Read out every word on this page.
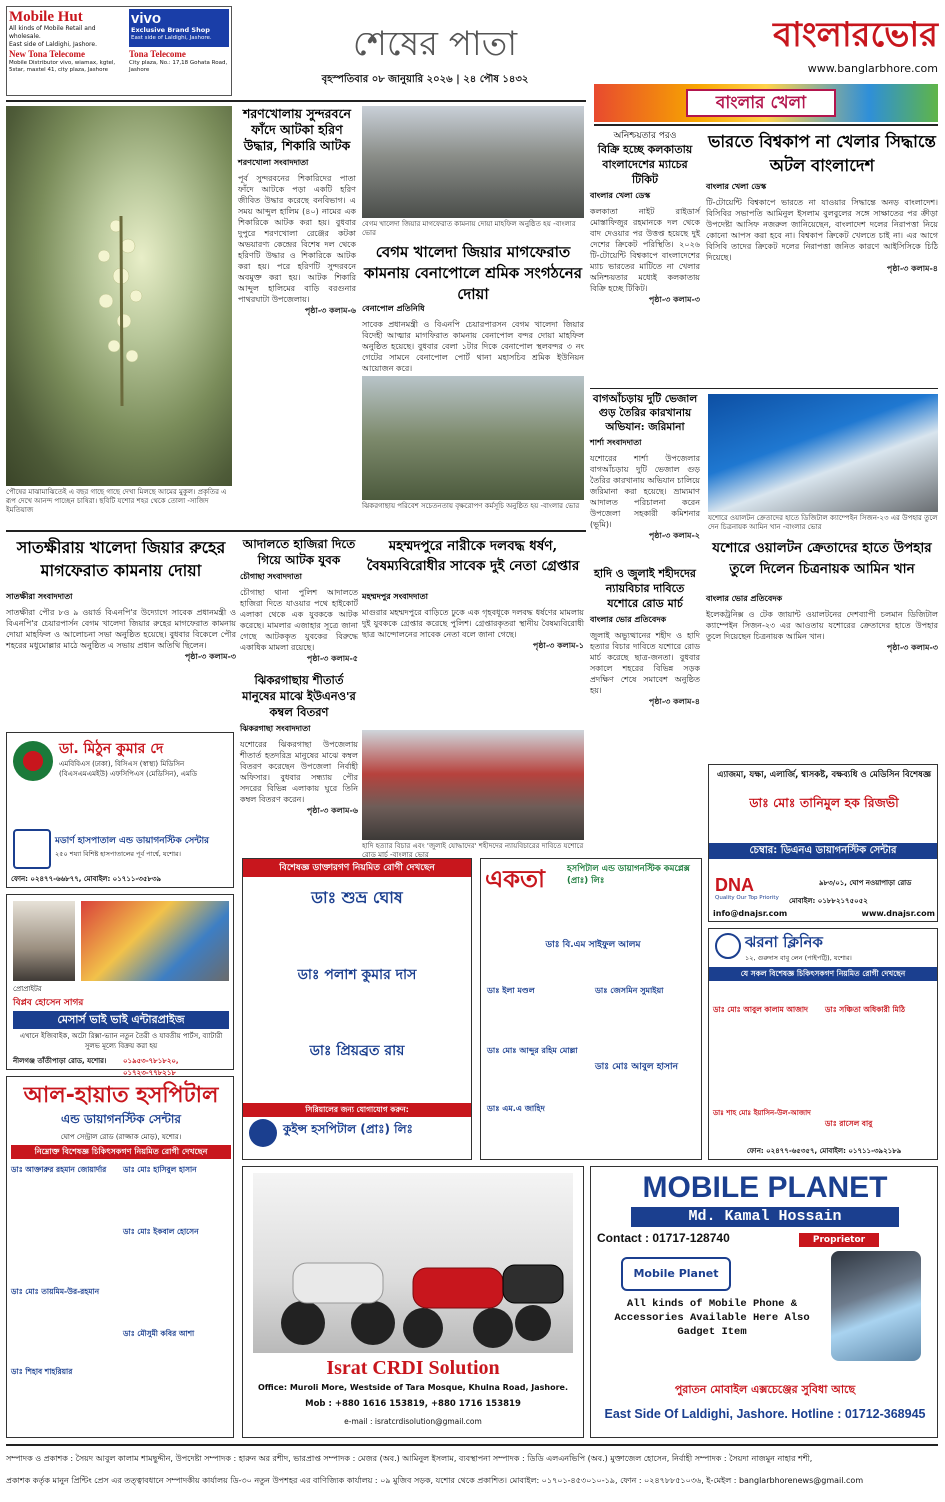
Mobile Hut
All kinds of Mobile Retail and wholesale.
East side of Laldighi, Jashore.
vivo
Exclusive Brand Shop
East side of Laldighi, Jashore.
New Tona Telecome
Mobile Distributor vivo, wiamax, kgtel, 5star, maxtel 41, city plaza, Jashore
Tona Telecome
City plaza, No.: 17,18 Gohata Road, Jashore
শেষের পাতা
বৃহস্পতিবার ০৮ জানুয়ারি ২০২৬ | ২৪ পৌষ ১৪৩২
বাংলারভোর
www.banglarbhore.com
বাংলার খেলা
পৌষের মাঝামাঝিতেই এ বছর গাছে গাছে দেখা মিলছে আমের মুকুল। প্রকৃতির এ রূপ দেখে আনন্দ পাচ্ছেন চাষিরা। ছবিটি যশোর শহর থেকে তোলা -সাজিদ ইমতিয়াজ
শরণখোলায় সুন্দরবনে ফাঁদে আটকা হরিণ উদ্ধার, শিকারি আটক
শরণখোলা সংবাদদাতা
পূর্ব সুন্দরবনের শিকারিদের পাতা ফাঁদে আটকে পড়া একটি হরিণ জীবিত উদ্ধার করেছে বনবিভাগ। এ সময় আব্দুল হালিম (৪০) নামের এক শিকারিকে আটক করা হয়। বুধবার দুপুরে শরণখোলা রেঞ্জের কটকা অভয়ারণ্য কেন্দ্রের বিশেষ দল থেকে হরিণটি উদ্ধার ও শিকারিকে আটক করা হয়। পরে হরিণটি সুন্দরবনে অবমুক্ত করা হয়। আটক শিকারি আব্দুল হালিমের বাড়ি বরগুনার পাথরঘাটা উপজেলায়।
পৃষ্ঠা-৩ কলাম-৬
বেগম খালেদা জিয়ার মাগফেরাত কামনায় দোয়া মাহফিল অনুষ্ঠিত হয় -বাংলার ভোর
বেগম খালেদা জিয়ার মাগফেরাত কামনায় বেনাপোলে শ্রমিক সংগঠনের দোয়া
বেনাপোল প্রতিনিধি
সাবেক প্রধানমন্ত্রী ও বিএনপি চেয়ারপারসন বেগম খালেদা জিয়ার বিদেহী আত্মার মাগফিরাত কামনায় বেনাপোল বন্দর দোয়া মাহফিল অনুষ্ঠিত হয়েছে। বুধবার বেলা ১টার দিকে বেনাপোল স্থলবন্দর ৩ নং গেটের সামনে বেনাপোল পোর্ট থানা মহাসচিব শ্রমিক ইউনিয়ন আয়োজন করে।
অনিশ্চয়তার পরও
বিক্রি হচ্ছে কলকাতায় বাংলাদেশের ম্যাচের টিকিট
বাংলার খেলা ডেস্ক
কলকাতা নাইট রাইডার্স মোস্তাফিজুর রহমানকে দল থেকে বাদ দেওয়ার পর উত্তপ্ত হয়েছে দুই দেশের ক্রিকেট পরিস্থিতি। ২০২৬ টি-টোয়েন্টি বিশ্বকাপে বাংলাদেশের ম্যাচ ভারতের মাটিতে না খেলার অনিশ্চয়তার মধ্যেই কলকাতায় বিক্রি হচ্ছে টিকিট।
পৃষ্ঠা-৩ কলাম-৩
ভারতে বিশ্বকাপ না খেলার সিদ্ধান্তে অটল বাংলাদেশ
বাংলার খেলা ডেস্ক
টি-টোয়েন্টি বিশ্বকাপে ভারতে না যাওয়ার সিদ্ধান্তে অনড় বাংলাদেশ। বিসিবির সভাপতি আমিনুল ইসলাম বুলবুলের সঙ্গে সাক্ষাতের পর ক্রীড়া উপদেষ্টা আসিফ নজরুল জানিয়েছেন, বাংলাদেশ দলের নিরাপত্তা নিয়ে কোনো আপস করা হবে না। বিশ্বকাপ ক্রিকেট খেলতে চাই না। এর আগে বিসিবি তাদের ক্রিকেট দলের নিরাপত্তা জনিত কারণে আইসিসিকে চিঠি দিয়েছে।
পৃষ্ঠা-৩ কলাম-৪
ঝিকরগাছায় পরিবেশ সচেতনতায় বৃক্ষরোপণ কর্মসূচি অনুষ্ঠিত হয় -বাংলার ভোর
বাগআঁচড়ায় দুটি ভেজাল গুড় তৈরির কারখানায় অভিযান: জরিমানা
শার্শা সংবাদদাতা
যশোরের শার্শা উপজেলার বাগআঁচড়ায় দুটি ভেজাল গুড় তৈরির কারখানায় অভিযান চালিয়ে জরিমানা করা হয়েছে। ভ্রাম্যমাণ আদালত পরিচালনা করেন উপজেলা সহকারী কমিশনার (ভূমি)।
পৃষ্ঠা-৩ কলাম-২
যশোরে ওয়ালটন ক্রেতাদের হাতে ডিজিটাল ক্যাম্পেইন সিজন-২৩ এর উপহার তুলে দেন চিত্রনায়ক আমিন খান -বাংলার ভোর
সাতক্ষীরায় খালেদা জিয়ার রুহের মাগফেরাত কামনায় দোয়া
সাতক্ষীরা সংবাদদাতা
সাতক্ষীরা পৌর ৮ও ৯ ওয়ার্ড বিএনপি'র উদ্যোগে সাবেক প্রধানমন্ত্রী ও বিএনপি'র চেয়ারপার্সন বেগম খালেদা জিয়ার রুহের মাগফেরাত কামনায় দোয়া মাহফিল ও আলোচনা সভা অনুষ্ঠিত হয়েছে। বুধবার বিকেলে পৌর শহরের মধুমোল্লার মাঠে অনুষ্ঠিত এ সভায় প্রধান অতিথি ছিলেন।
পৃষ্ঠা-৩ কলাম-৩
আদালতে হাজিরা দিতে গিয়ে আটক যুবক
চৌগাছা সংবাদদাতা
চৌগাছা থানা পুলিশ আদালতে হাজিরা দিতে যাওয়ার পথে হাইকোর্ট এলাকা থেকে এক যুবককে আটক করেছে। মামলার এজাহার সূত্রে জানা গেছে আটককৃত যুবকের বিরুদ্ধে একাধিক মামলা রয়েছে।
পৃষ্ঠা-৩ কলাম-৫
মহম্মদপুরে নারীকে দলবদ্ধ ধর্ষণ, বৈষম্যবিরোধীর সাবেক দুই নেতা গ্রেপ্তার
মহম্মদপুর সংবাদদাতা
মাগুরার মহম্মদপুরে বাড়িতে ঢুকে এক গৃহবধূকে দলবদ্ধ ধর্ষণের মামলায় দুই যুবককে গ্রেপ্তার করেছে পুলিশ। গ্রেপ্তারকৃতরা স্থানীয় বৈষম্যবিরোধী ছাত্র আন্দোলনের সাবেক নেতা বলে জানা গেছে।
পৃষ্ঠা-৩ কলাম-১
হাদি ও জুলাই শহীদদের ন্যায়বিচার দাবিতে যশোরে রোড মার্চ
বাংলার ভোর প্রতিবেদক
জুলাই অভ্যুত্থানের শহীদ ও হাদি হত্যার বিচার দাবিতে যশোরে রোড মার্চ করেছে ছাত্র-জনতা। বুধবার সকালে শহরের বিভিন্ন সড়ক প্রদক্ষিণ শেষে সমাবেশ অনুষ্ঠিত হয়।
পৃষ্ঠা-৩ কলাম-৪
যশোরে ওয়ালটন ক্রেতাদের হাতে উপহার তুলে দিলেন চিত্রনায়ক আমিন খান
বাংলার ভোর প্রতিবেদক
ইলেকট্রনিক্স ও টেক জায়ান্ট ওয়ালটনের দেশব্যাপী চলমান ডিজিটাল ক্যাম্পেইন সিজন-২৩ এর আওতায় যশোরের ক্রেতাদের হাতে উপহার তুলে দিয়েছেন চিত্রনায়ক আমিন খান।
পৃষ্ঠা-৩ কলাম-৩
ঝিকরগাছায় শীতার্ত মানুষের মাঝে ইউএনও'র কম্বল বিতরণ
ঝিকরগাছা সংবাদদাতা
যশোরের ঝিকরগাছা উপজেলায় শীতার্ত হতদরিদ্র মানুষের মাঝে কম্বল বিতরণ করেছেন উপজেলা নির্বাহী অফিসার। বুধবার সন্ধ্যায় পৌর সদরের বিভিন্ন এলাকায় ঘুরে তিনি কম্বল বিতরণ করেন।
পৃষ্ঠা-৩ কলাম-৬
হাদি হত্যার বিচার এবং 'জুলাই যোদ্ধাদের' শহীদদের ন্যায়বিচারের দাবিতে যশোরে রোড মার্চ -বাংলার ভোর
ডা. মিঠুন কুমার দে
এমবিবিএস (ঢাকা), বিসিএস (স্বাস্থ্য) মিডিসিন (বিএসএমএমইউ) এফসিপিএস (মেডিসিন), এমডি
মডার্ণ হাসপাতাল এন্ড ডায়াগনস্টিক সেন্টার
২৫০ শয্যা বিশিষ্ট হাসপাতালের পূর্ব পার্শ্বে, যশোর।
ফোন: ০২৪৭৭-৬৬৮৭৭, মোবাইল: ০১৭১১-৩৫৮৩৯
প্রোপ্রাইটর
বিপ্লব হোসেন সাগর
মেসার্স ভাই ভাই এন্টারপ্রাইজ
এখানে ইজিবাইক, অটো রিক্সা-ভ্যান নতুন তৈরী ও যাবতীয় পার্টস, ব্যাটারী সুলভ মূল্যে বিক্রয় করা হয়
নীলগঞ্জ তাঁতীপাড়া রোড, যশোর।	০১৯৫৩-৭৮১৮২০, ০১৭২৩-৭৭৮২১৮
আল-হায়াত হসপিটাল
এন্ড ডায়াগনস্টিক সেন্টার
ঘোপ সেন্ট্রাল রোড (রাজ্জাক মোড়), যশোর।
নিম্নোক্ত বিশেষজ্ঞ চিকিৎসকগণ নিয়মিত রোগী দেখছেন
ডাঃ আক্তারুর রহমান জোয়ার্দার	ডাঃ মোঃ হাসিবুল হাসান
ডাঃ মোঃ ইকবাল হোসেন
ডাঃ মোঃ তায়মিম-উর-রহমান
ডাঃ মৌসুমী কবির আশা
ডাঃ শিহাব শাহরিয়ার
বিশেষজ্ঞ ডাক্তারগণ নিয়মিত রোগী দেখছেন
ডাঃ শুভ্র ঘোষ
ডাঃ পলাশ কুমার দাস
ডাঃ প্রিয়ব্রত রায়
সিরিয়ালের জন্য যোগাযোগ করুন:
কুইন্স হসপিটাল (প্রাঃ) লিঃ
একতা	হসপিটাল এন্ড ডায়াগনস্টিক কমপ্লেক্স (প্রাঃ) লিঃ
ডাঃ বি.এম সাইফুল আলম
ডাঃ ইলা মণ্ডল
ডাঃ মোঃ আব্দুর রহিম মোল্লা
ডাঃ জেসমিন সুমাইয়া
ডাঃ মোঃ আবুল হাসান
ডাঃ এম.এ জাহিদ
এ্যাজমা, যক্ষা, এলার্জি, শ্বাসকষ্ট, বক্ষব্যধি ও মেডিসিন বিশেষজ্ঞ
ডাঃ মোঃ তানিমুল হক রিজভী
চেম্বার: ডিএনএ ডায়াগনস্টিক সেন্টার
DNA
Quality Our Top Priority
৯৮৩/০১, ঘোপ নওয়াপাড়া রোড
মোবাইল: ০১৮৮২১৭৫০৫২
info@dnajsr.com	www.dnajsr.com
ঝরনা ক্লিনিক
১২, গুরুদাস বাবু লেন (পাইপট্টি), যশোর।
যে সকল বিশেষজ্ঞ চিকিৎসকগণ নিয়মিত রোগী দেখছেন
ডাঃ মোঃ আবুল কালাম আজাদ	ডাঃ সঞ্চিতা অধিকারী মিঠি
ডাঃ শাহ মোঃ ইয়াসিন-উল-আজাদ
ডাঃ রাসেল বাবু
ফোন: ০২৪৭৭-৬৫৩৫৭, মোবাইল: ০১৭১১-৩৯২১৮৯
Israt CRDI Solution
Office: Muroli More, Westside of Tara Mosque, Khulna Road, Jashore.
Mob : +880 1616 153819, +880 1716 153819
e-mail : isratcrdisolution@gmail.com
MOBILE PLANET
Md. Kamal Hossain
Contact : 01717-128740	Proprietor
Mobile Planet
All kinds of Mobile Phone & Accessories Available Here Also Gadget Item
পুরাতন মোবাইল এক্সচেঞ্জের সুবিধা আছে
East Side Of Laldighi, Jashore. Hotline : 01712-368945
সম্পাদক ও প্রকাশক : সৈয়দ আবুল কালাম শামছুদ্দীন, উপদেষ্টা সম্পাদক : হারুন অর রশীদ, ভারপ্রাপ্ত সম্পাদক : মেজর (অব.) আমিনুল ইসলাম, ব্যবস্থাপনা সম্পাদক : ডিডি এলএনভিপি (অব.) মুক্তাজেল হোসেন, নির্বাহী সম্পাদক : সৈয়দা নাজমুন নাহার শশী,
প্রকাশক কর্তৃক মানুন প্রিন্টিং প্রেস এর তত্ত্বাবধানে সম্পাদকীয় কার্যালয় ডি-৩০ নতুন উপশহর এর বাণিজ্যিক কার্যালয় : ০৯ মুজিব সড়ক, যশোর থেকে প্রকাশিত। মোবাইল: ০১৭০১-৪৫৩০১০-১৯, ফোন : ০২৪৭৮৮৫১০৩৬, ই-মেইল : banglarbhorenews@gmail.com
